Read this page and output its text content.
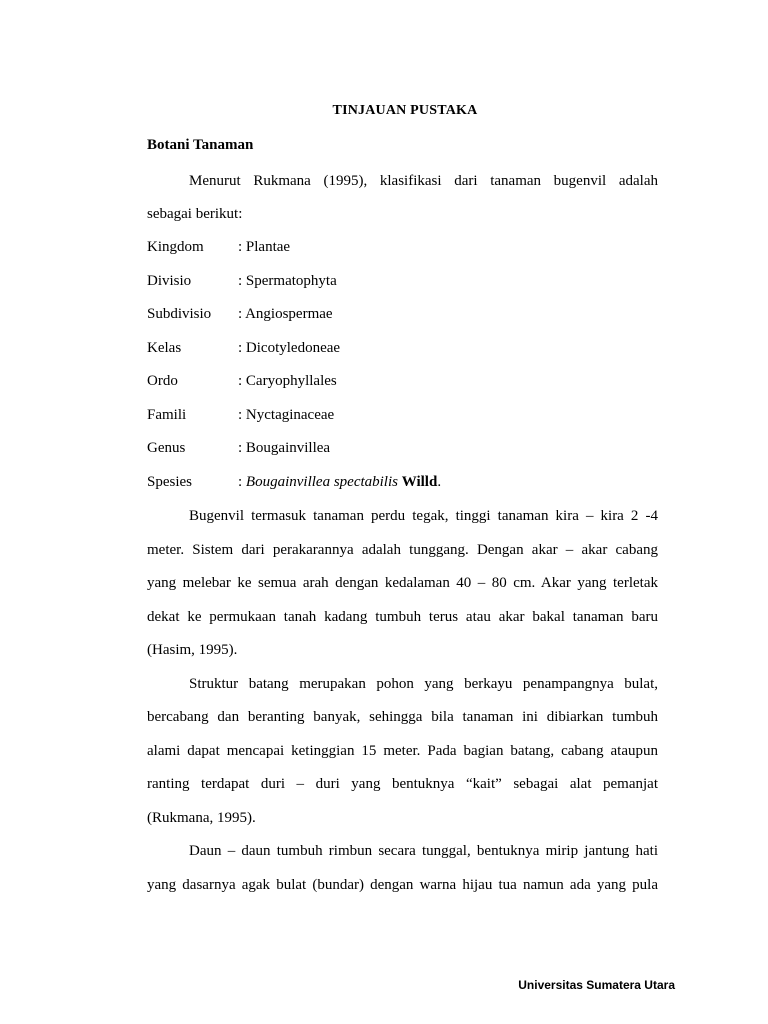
TINJAUAN PUSTAKA
Botani Tanaman
Menurut Rukmana (1995), klasifikasi dari tanaman bugenvil adalah
sebagai berikut:
Kingdom : Plantae
Divisio	: Spermatophyta
Subdivisio : Angiospermae
Kelas	: Dicotyledoneae
Ordo	: Caryophyllales
Famili	: Nyctaginaceae
Genus	: Bougainvillea
Spesies	: Bougainvillea spectabilis Willd.
Bugenvil termasuk tanaman perdu tegak, tinggi tanaman kira – kira 2 -4
meter. Sistem dari perakarannya adalah tunggang. Dengan akar – akar cabang
yang melebar ke semua arah dengan kedalaman 40 – 80 cm. Akar yang terletak
dekat ke permukaan tanah kadang tumbuh terus atau akar bakal tanaman baru
(Hasim, 1995).
Struktur batang merupakan pohon yang berkayu penampangnya bulat,
bercabang dan beranting banyak, sehingga bila tanaman ini dibiarkan tumbuh
alami dapat mencapai ketinggian 15 meter. Pada bagian batang, cabang ataupun
ranting terdapat duri – duri yang bentuknya “kait” sebagai alat pemanjat
(Rukmana, 1995).
Daun – daun tumbuh rimbun secara tunggal, bentuknya mirip jantung hati
yang dasarnya agak bulat (bundar) dengan warna hijau tua namun ada yang pula
Universitas Sumatera Utara
